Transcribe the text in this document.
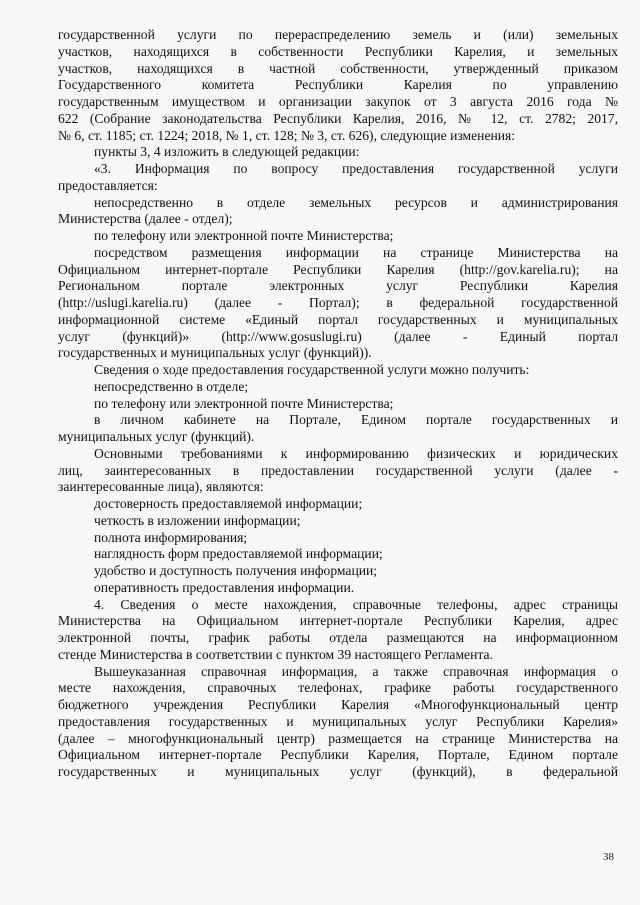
государственной услуги по перераспределению земель и (или) земельных
участков, находящихся в собственности Республики Карелия, и земельных
участков, находящихся в частной собственности, утвержденный приказом
Государственного комитета Республики Карелия по управлению
государственным имуществом и организации закупок от 3 августа 2016 года №
622 (Собрание законодательства Республики Карелия, 2016, № 12, ст. 2782; 2017,
№ 6, ст. 1185; ст. 1224; 2018, № 1, ст. 128; № 3, ст. 626), следующие изменения:
пункты 3, 4 изложить в следующей редакции:
«3. Информация по вопросу предоставления государственной услуги
предоставляется:
непосредственно в отделе земельных ресурсов и администрирования
Министерства (далее - отдел);
по телефону или электронной почте Министерства;
посредством размещения информации на странице Министерства на
Официальном интернет-портале Республики Карелия (http://gov.karelia.ru); на
Региональном портале электронных услуг Республики Карелия
(http://uslugi.karelia.ru) (далее - Портал); в федеральной государственной
информационной системе «Единый портал государственных и муниципальных
услуг (функций)» (http://www.gosuslugi.ru) (далее - Единый портал
государственных и муниципальных услуг (функций)).
Сведения о ходе предоставления государственной услуги можно получить:
непосредственно в отделе;
по телефону или электронной почте Министерства;
в личном кабинете на Портале, Едином портале государственных и
муниципальных услуг (функций).
Основными требованиями к информированию физических и юридических
лиц, заинтересованных в предоставлении государственной услуги (далее -
заинтересованные лица), являются:
достоверность предоставляемой информации;
четкость в изложении информации;
полнота информирования;
наглядность форм предоставляемой информации;
удобство и доступность получения информации;
оперативность предоставления информации.
4. Сведения о месте нахождения, справочные телефоны, адрес страницы
Министерства на Официальном интернет-портале Республики Карелия, адрес
электронной почты, график работы отдела размещаются на информационном
стенде Министерства в соответствии с пунктом 39 настоящего Регламента.
Вышеуказанная справочная информация, а также справочная информация о
месте нахождения, справочных телефонах, графике работы государственного
бюджетного учреждения Республики Карелия «Многофункциональный центр
предоставления государственных и муниципальных услуг Республики Карелия»
(далее – многофункциональный центр) размещается на странице Министерства на
Официальном интернет-портале Республики Карелия, Портале, Едином портале
государственных и муниципальных услуг (функций), в федеральной
38
